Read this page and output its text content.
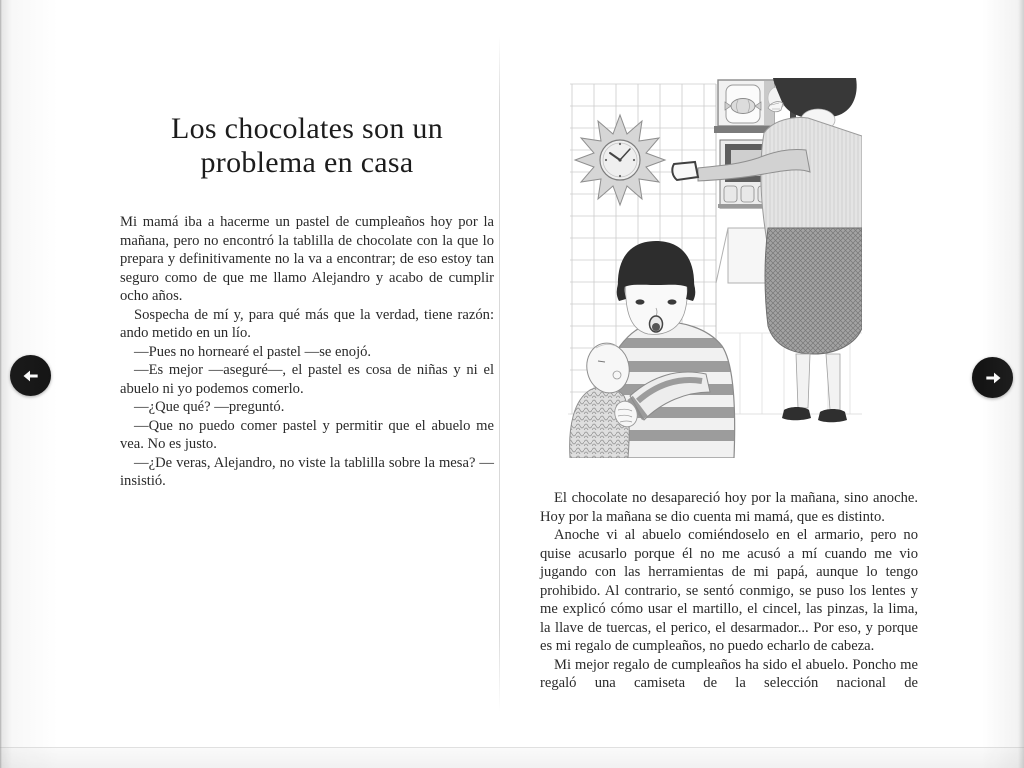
Los chocolates son un
problema en casa

Mi mamá iba a hacerme un pastel de cumpleaños hoy por la mañana, pero no encontró la tablilla de chocolate con la que lo prepara y definitivamente no la va a encontrar; de eso estoy tan seguro como de que me llamo Alejandro y acabo de cumplir ocho años.

Sospecha de mí y, para qué más que la verdad, tiene razón: ando metido en un lío.

—Pues no hornearé el pastel —se enojó.

—Es mejor —aseguré—, el pastel es cosa de niñas y ni el abuelo ni yo podemos comerlo.

—¿Que qué? —preguntó.

—Que no puedo comer pastel y permitir que el abuelo me vea. No es justo.

—¿De veras, Alejandro, no viste la tablilla sobre la mesa? —insistió.

El chocolate no desapareció hoy por la mañana, sino anoche. Hoy por la mañana se dio cuenta mi mamá, que es distinto.

Anoche vi al abuelo comiéndoselo en el armario, pero no quise acusarlo porque él no me acusó a mí cuando me vio jugando con las herramientas de mi papá, aunque lo tengo prohibido. Al contrario, se sentó conmigo, se puso los lentes y me explicó cómo usar el martillo, el cincel, las pinzas, la lima, la llave de tuercas, el perico, el desarmador... Por eso, y porque es mi regalo de cumpleaños, no puedo echarlo de cabeza.

Mi mejor regalo de cumpleaños ha sido el abuelo. Poncho me regaló una camiseta de la selección nacional de
